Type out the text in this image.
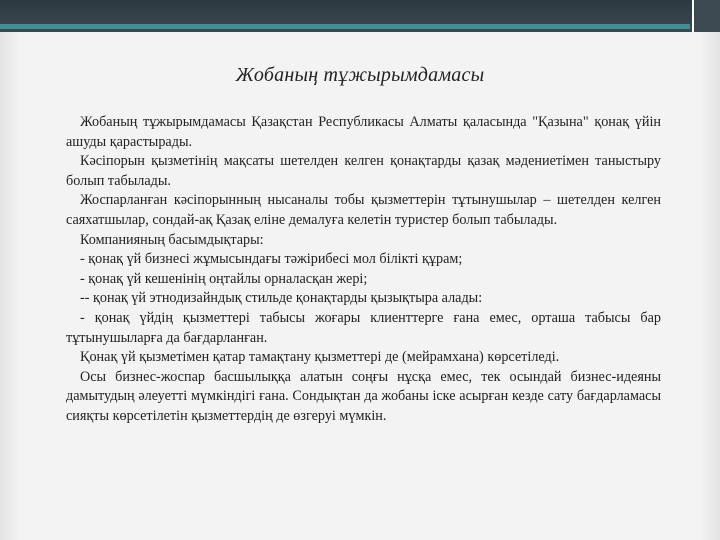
Жобаның тұжырымдамасы

Жобаның тұжырымдамасы Қазақстан Республикасы Алматы қаласында "Қазына" қонақ үйін ашуды қарастырады.

Кәсіпорын қызметінің мақсаты шетелден келген қонақтарды қазақ мәдениетімен таныстыру болып табылады.

Жоспарланған кәсіпорынның нысаналы тобы қызметтерін тұтынушылар – шетелден келген саяхатшылар, сондай-ақ Қазақ еліне демалуға келетін туристер болып табылады.

Компанияның басымдықтары:

- қонақ үй бизнесі жұмысындағы тәжірибесі мол білікті құрам;

- қонақ үй кешенінің оңтайлы орналасқан жері;

-- қонақ үй этнодизайндық стильде қонақтарды қызықтыра алады:

- қонақ үйдің қызметтері табысы жоғары клиенттерге ғана емес, орташа табысы бар тұтынушыларға да бағдарланған.

Қонақ үй қызметімен қатар тамақтану қызметтері де (мейрамхана) көрсетіледі.

Осы бизнес-жоспар басшылыққа алатын соңғы нұсқа емес, тек осындай бизнес-идеяны дамытудың әлеуетті мүмкіндігі ғана. Сондықтан да жобаны іске асырған кезде сату бағдарламасы сияқты көрсетілетін қызметтердің де өзгеруі мүмкін.
